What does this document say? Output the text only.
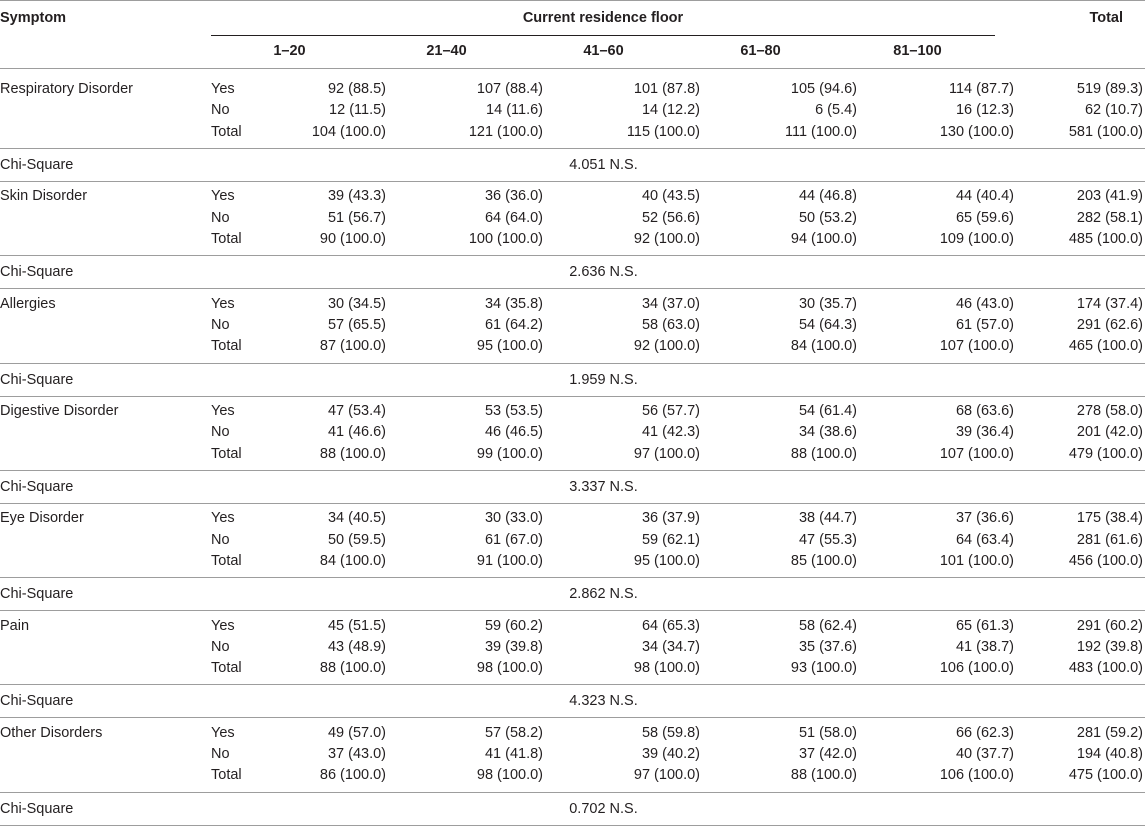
Symptom	Current residence floor	Total
1–20	21–40	41–60	61–80	81–100
Respiratory Disorder	Yes	92 (88.5)	107 (88.4)	101 (87.8)	105 (94.6)	114 (87.7)	519 (89.3)
No	12 (11.5)	14 (11.6)	14 (12.2)	6 (5.4)	16 (12.3)	62 (10.7)
Total	104 (100.0)	121 (100.0)	115 (100.0)	111 (100.0)	130 (100.0)	581 (100.0)
Chi-Square	4.051 N.S.
Skin Disorder	Yes	39 (43.3)	36 (36.0)	40 (43.5)	44 (46.8)	44 (40.4)	203 (41.9)
No	51 (56.7)	64 (64.0)	52 (56.6)	50 (53.2)	65 (59.6)	282 (58.1)
Total	90 (100.0)	100 (100.0)	92 (100.0)	94 (100.0)	109 (100.0)	485 (100.0)
Chi-Square	2.636 N.S.
Allergies	Yes	30 (34.5)	34 (35.8)	34 (37.0)	30 (35.7)	46 (43.0)	174 (37.4)
No	57 (65.5)	61 (64.2)	58 (63.0)	54 (64.3)	61 (57.0)	291 (62.6)
Total	87 (100.0)	95 (100.0)	92 (100.0)	84 (100.0)	107 (100.0)	465 (100.0)
Chi-Square	1.959 N.S.
Digestive Disorder	Yes	47 (53.4)	53 (53.5)	56 (57.7)	54 (61.4)	68 (63.6)	278 (58.0)
No	41 (46.6)	46 (46.5)	41 (42.3)	34 (38.6)	39 (36.4)	201 (42.0)
Total	88 (100.0)	99 (100.0)	97 (100.0)	88 (100.0)	107 (100.0)	479 (100.0)
Chi-Square	3.337 N.S.
Eye Disorder	Yes	34 (40.5)	30 (33.0)	36 (37.9)	38 (44.7)	37 (36.6)	175 (38.4)
No	50 (59.5)	61 (67.0)	59 (62.1)	47 (55.3)	64 (63.4)	281 (61.6)
Total	84 (100.0)	91 (100.0)	95 (100.0)	85 (100.0)	101 (100.0)	456 (100.0)
Chi-Square	2.862 N.S.
Pain	Yes	45 (51.5)	59 (60.2)	64 (65.3)	58 (62.4)	65 (61.3)	291 (60.2)
No	43 (48.9)	39 (39.8)	34 (34.7)	35 (37.6)	41 (38.7)	192 (39.8)
Total	88 (100.0)	98 (100.0)	98 (100.0)	93 (100.0)	106 (100.0)	483 (100.0)
Chi-Square	4.323 N.S.
Other Disorders	Yes	49 (57.0)	57 (58.2)	58 (59.8)	51 (58.0)	66 (62.3)	281 (59.2)
No	37 (43.0)	41 (41.8)	39 (40.2)	37 (42.0)	40 (37.7)	194 (40.8)
Total	86 (100.0)	98 (100.0)	97 (100.0)	88 (100.0)	106 (100.0)	475 (100.0)
Chi-Square	0.702 N.S.
